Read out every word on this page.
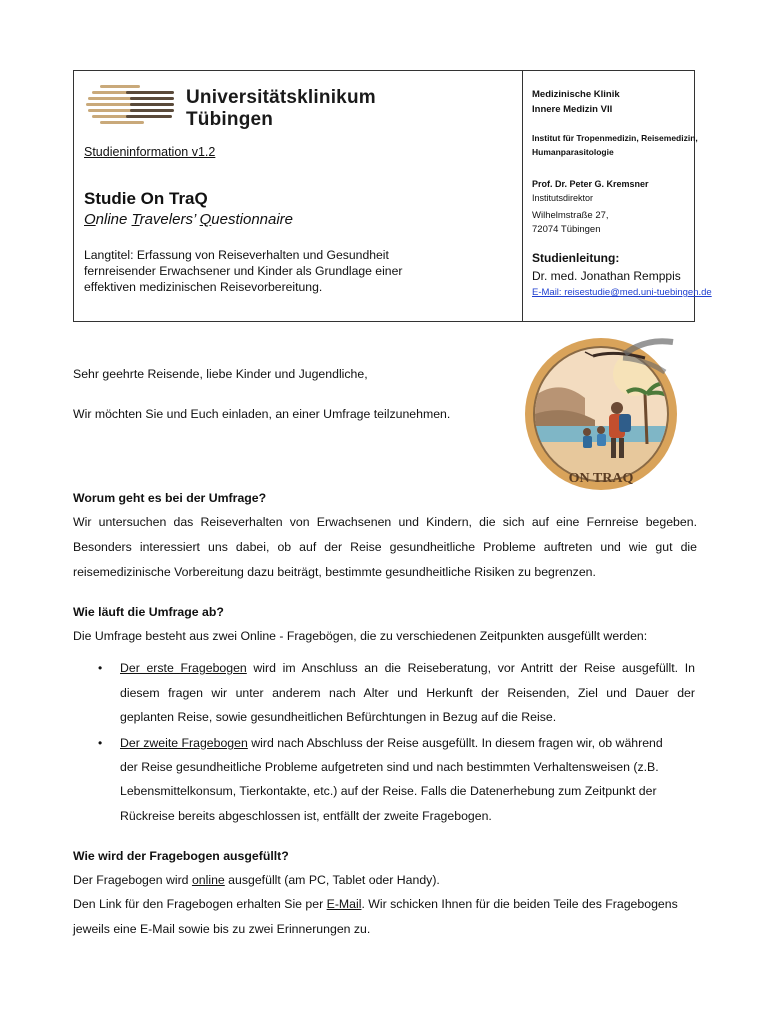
Universitätsklinikum
Tübingen
Studieninformation v1.2
Studie On TraQ
Online Travelers’ Questionnaire
Langtitel: Erfassung von Reiseverhalten und Gesundheit fernreisender Erwachsener und Kinder als Grundlage einer effektiven medizinischen Reisevorbereitung.
Medizinische Klinik
Innere Medizin VII
Institut für Tropenmedizin, Reisemedizin,
Humanparasitologie
Prof. Dr. Peter G. Kremsner
Institutsdirektor
Wilhelmstraße 27,
72074 Tübingen
Studienleitung:
Dr. med. Jonathan Remppis
E-Mail: reisestudie@med.uni-tuebingen.de
ON TRAQ
Sehr geehrte Reisende, liebe Kinder und Jugendliche,
Wir möchten Sie und Euch einladen, an einer Umfrage teilzunehmen.
Worum geht es bei der Umfrage?
Wir untersuchen das Reiseverhalten von Erwachsenen und Kindern, die sich auf eine Fernreise begeben.
Besonders interessiert uns dabei, ob auf der Reise gesundheitliche Probleme auftreten und wie gut die
reisemedizinische Vorbereitung dazu beiträgt, bestimmte gesundheitliche Risiken zu begrenzen.
Wie läuft die Umfrage ab?
Die Umfrage besteht aus zwei Online - Fragebögen, die zu verschiedenen Zeitpunkten ausgefüllt werden:
• Der erste Fragebogen wird im Anschluss an die Reiseberatung, vor Antritt der Reise ausgefüllt. In
diesem fragen wir unter anderem nach Alter und Herkunft der Reisenden, Ziel und Dauer der
geplanten Reise, sowie gesundheitlichen Befürchtungen in Bezug auf die Reise.
• Der zweite Fragebogen wird nach Abschluss der Reise ausgefüllt. In diesem fragen wir, ob während
der Reise gesundheitliche Probleme aufgetreten sind und nach bestimmten Verhaltensweisen (z.B.
Lebensmittelkonsum, Tierkontakte, etc.) auf der Reise. Falls die Datenerhebung zum Zeitpunkt der
Rückreise bereits abgeschlossen ist, entfällt der zweite Fragebogen.
Wie wird der Fragebogen ausgefüllt?
Der Fragebogen wird online ausgefüllt (am PC, Tablet oder Handy).
Den Link für den Fragebogen erhalten Sie per E-Mail. Wir schicken Ihnen für die beiden Teile des Fragebogens
jeweils eine E-Mail sowie bis zu zwei Erinnerungen zu.
